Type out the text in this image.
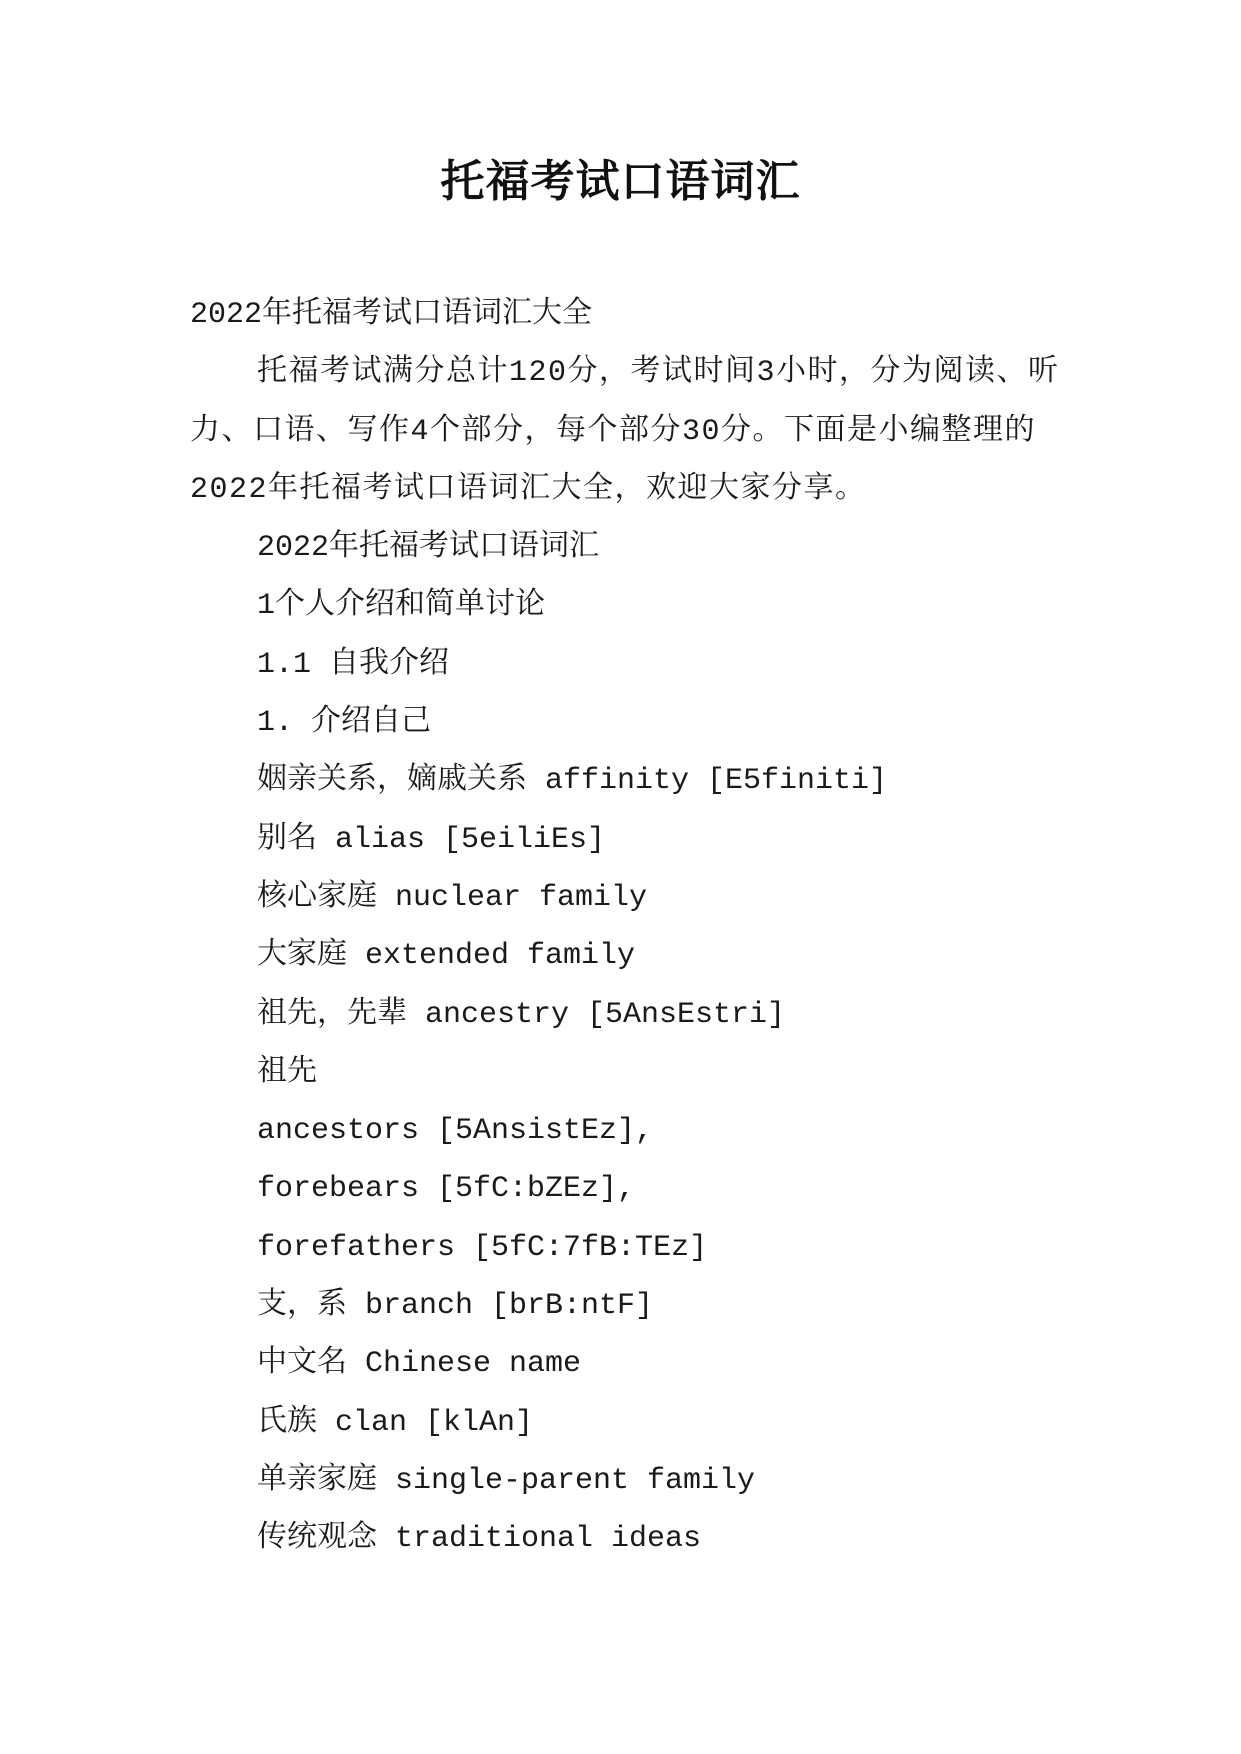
托福考试口语词汇
2022年托福考试口语词汇大全
托福考试满分总计120分，考试时间3小时，分为阅读、听力、口语、写作4个部分，每个部分30分。下面是小编整理的2022年托福考试口语词汇大全，欢迎大家分享。
2022年托福考试口语词汇
1个人介绍和简单讨论
1.1 自我介绍
1. 介绍自己
姻亲关系，嫡戚关系 affinity [E5finiti]
别名 alias [5eiliEs]
核心家庭 nuclear family
大家庭 extended family
祖先，先辈 ancestry [5AnsEstri]
祖先
ancestors [5AnsistEz],
forebears [5fC:bZEz],
forefathers [5fC:7fB:TEz]
支，系 branch [brB:ntF]
中文名 Chinese name
氏族 clan [klAn]
单亲家庭 single-parent family
传统观念 traditional ideas
